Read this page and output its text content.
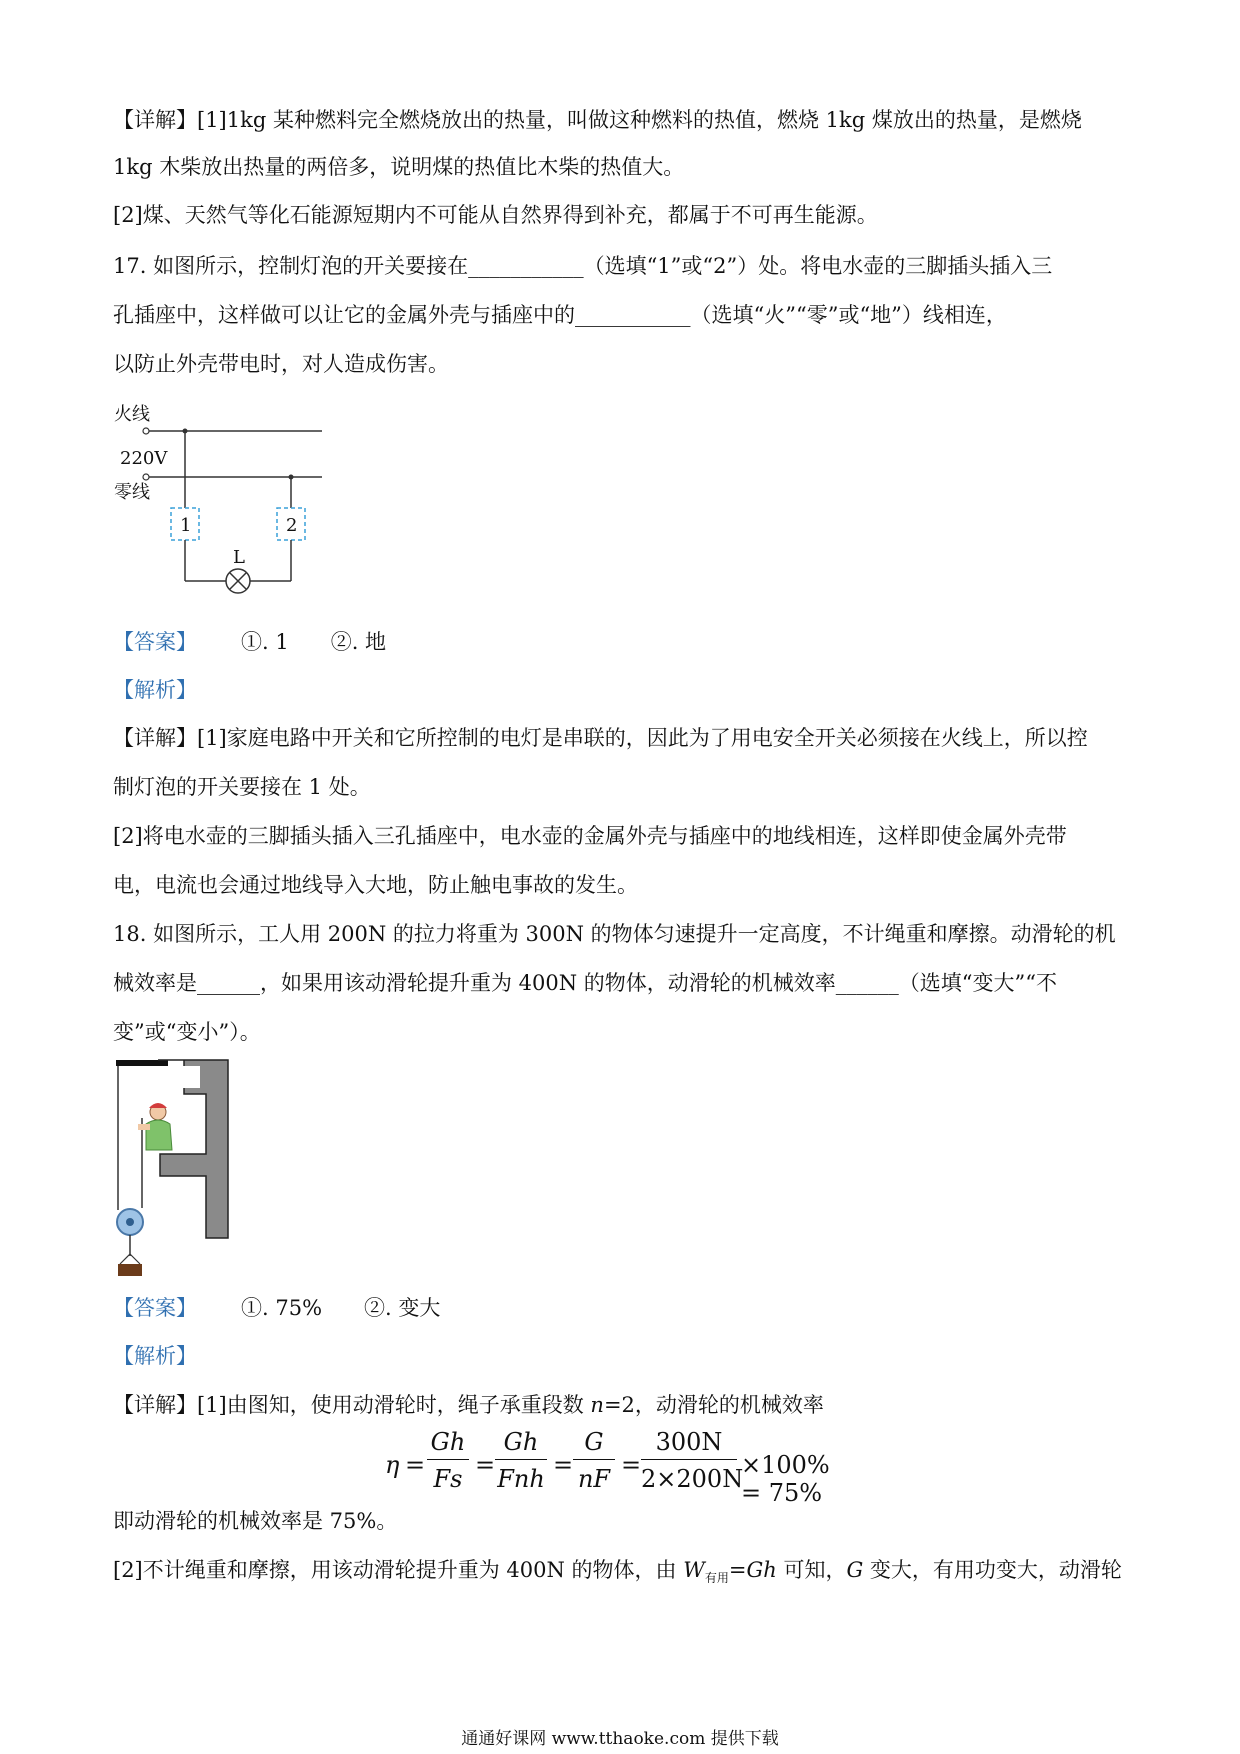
【详解】[1]1kg 某种燃料完全燃烧放出的热量，叫做这种燃料的热值，燃烧 1kg 煤放出的热量，是燃烧
1kg 木柴放出热量的两倍多，说明煤的热值比木柴的热值大。
[2]煤、天然气等化石能源短期内不可能从自然界得到补充，都属于不可再生能源。
17. 如图所示，控制灯泡的开关要接在___________（选填“1”或“2”）处。将电水壶的三脚插头插入三
孔插座中，这样做可以让它的金属外壳与插座中的___________（选填“火”“零”或“地”）线相连，
以防止外壳带电时，对人造成伤害。
火线
220V
零线
1	2
L
【答案】 ①. 1　　②. 地
【解析】
【详解】[1]家庭电路中开关和它所控制的电灯是串联的，因此为了用电安全开关必须接在火线上，所以控
制灯泡的开关要接在 1 处。
[2]将电水壶的三脚插头插入三孔插座中，电水壶的金属外壳与插座中的地线相连，这样即使金属外壳带
电，电流也会通过地线导入大地，防止触电事故的发生。
18. 如图所示，工人用 200N 的拉力将重为 300N 的物体匀速提升一定高度，不计绳重和摩擦。动滑轮的机
械效率是______，如果用该动滑轮提升重为 400N 的物体，动滑轮的机械效率______（选填“变大”“不
变”或“变小”）。
【答案】 ①. 75%　　②. 变大
【解析】
【详解】[1]由图知，使用动滑轮时，绳子承重段数 n=2，动滑轮的机械效率
$\eta = \frac{Gh}{Fs}$ =
Gh
Fnh = $\frac{G}{nF} = \frac{300N}{2\times 200N} \times 100\% = 75\%$
即动滑轮的机械效率是 75%。
[2]不计绳重和摩擦，用该动滑轮提升重为 400N 的物体，由 $W_{有用}=Gh$ 可知，G 变大，有用功变大，动滑轮
通通好课网 www.tthaoke.com 提供下载
